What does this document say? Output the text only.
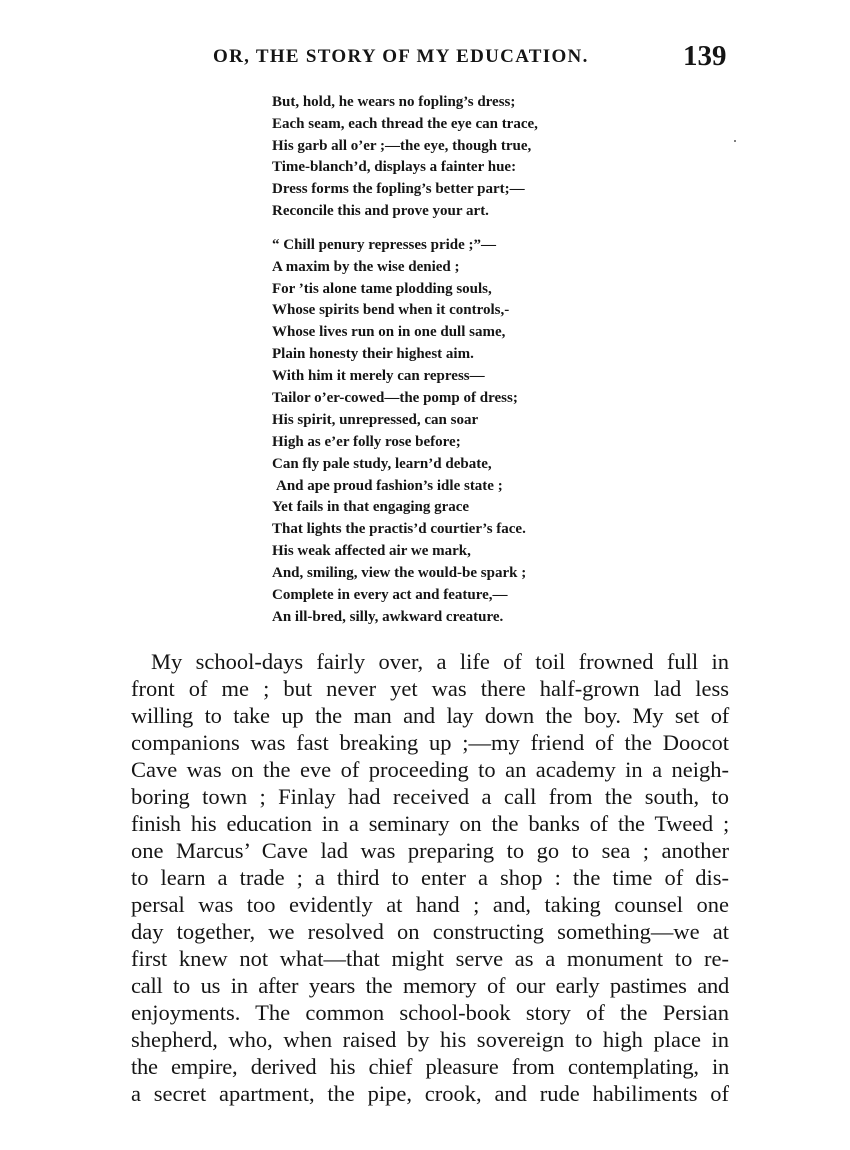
OR, THE STORY OF MY EDUCATION.	139
But, hold, he wears no fopling’s dress;
Each seam, each thread the eye can trace,
His garb all o’er ;—the eye, though true,
Time-blanch’d, displays a fainter hue:
Dress forms the fopling’s better part;—
Reconcile this and prove your art.
“ Chill penury represses pride ;”—
A maxim by the wise denied ;
For ’tis alone tame plodding souls,
Whose spirits bend when it controls,-
Whose lives run on in one dull same,
Plain honesty their highest aim.
With him it merely can repress—
Tailor o’er-cowed—the pomp of dress;
His spirit, unrepressed, can soar
High as e’er folly rose before;
Can fly pale study, learn’d debate,
And ape proud fashion’s idle state ;
Yet fails in that engaging grace
That lights the practis’d courtier’s face.
His weak affected air we mark,
And, smiling, view the would-be spark ;
Complete in every act and feature,—
An ill-bred, silly, awkward creature.
My school-days fairly over, a life of toil frowned full in
front of me ; but never yet was there half-grown lad less
willing to take up the man and lay down the boy. My set of
companions was fast breaking up ;—my friend of the Doocot
Cave was on the eve of proceeding to an academy in a neigh-
boring town ; Finlay had received a call from the south, to
finish his education in a seminary on the banks of the Tweed ;
one Marcus’ Cave lad was preparing to go to sea ; another
to learn a trade ; a third to enter a shop : the time of dis-
persal was too evidently at hand ; and, taking counsel one
day together, we resolved on constructing something—we at
first knew not what—that might serve as a monument to re-
call to us in after years the memory of our early pastimes and
enjoyments. The common school-book story of the Persian
shepherd, who, when raised by his sovereign to high place in
the empire, derived his chief pleasure from contemplating, in
a secret apartment, the pipe, crook, and rude habiliments of
